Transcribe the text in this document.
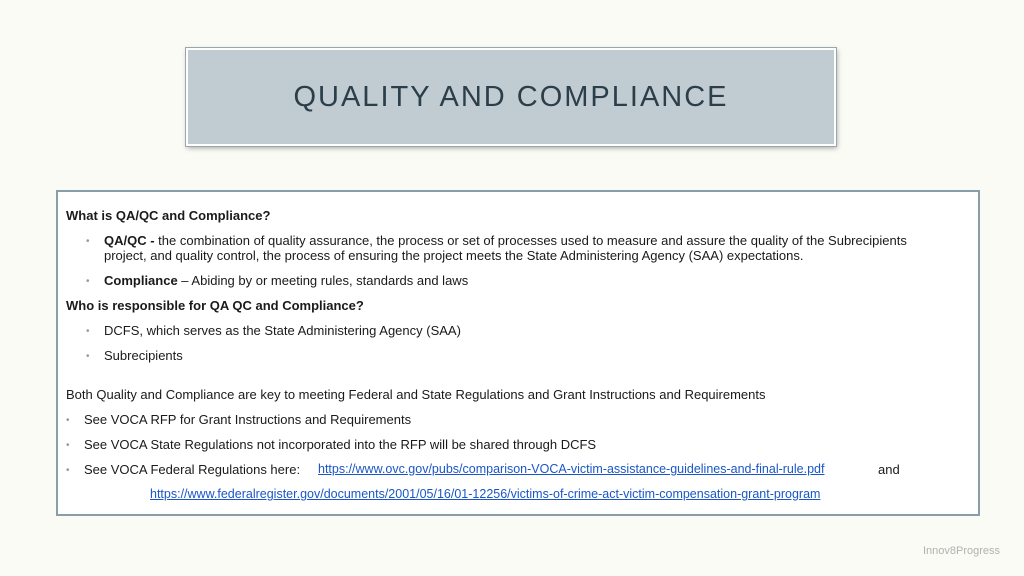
QUALITY AND COMPLIANCE
What is QA/QC and Compliance?
• QA/QC - the combination of quality assurance, the process or set of processes used to measure and assure the quality of the Subrecipients
project, and quality control, the process of ensuring the project meets the State Administering Agency (SAA) expectations.
• Compliance – Abiding by or meeting rules, standards and laws
Who is responsible for QA QC and Compliance?
• DCFS, which serves as the State Administering Agency (SAA)
• Subrecipients
Both Quality and Compliance are key to meeting Federal and State Regulations and Grant Instructions and Requirements
• See VOCA RFP for Grant Instructions and Requirements
• See VOCA State Regulations not incorporated into the RFP will be shared through DCFS
• See VOCA Federal Regulations here: https://www.ovc.gov/pubs/comparison-VOCA-victim-assistance-guidelines-and-final-rule.pdf	and
https://www.federalregister.gov/documents/2001/05/16/01-12256/victims-of-crime-act-victim-compensation-grant-program
Innov8Progress
